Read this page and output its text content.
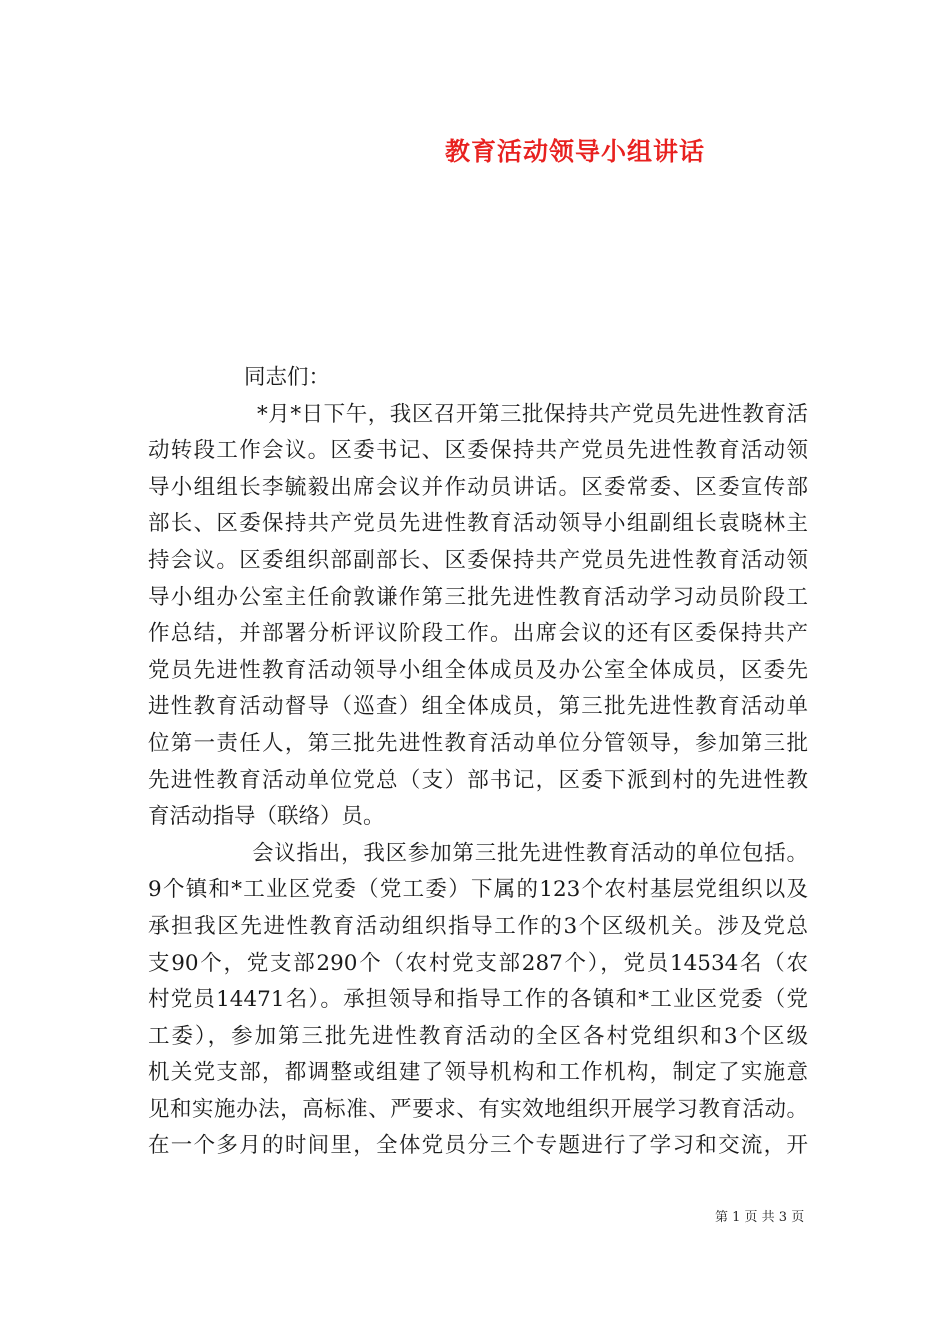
教育活动领导小组讲话
同志们：
*月*日下午，我区召开第三批保持共产党员先进性教育活
动转段工作会议。区委书记、区委保持共产党员先进性教育活动领
导小组组长李毓毅出席会议并作动员讲话。区委常委、区委宣传部
部长、区委保持共产党员先进性教育活动领导小组副组长袁晓林主
持会议。区委组织部副部长、区委保持共产党员先进性教育活动领
导小组办公室主任俞敦谦作第三批先进性教育活动学习动员阶段工
作总结，并部署分析评议阶段工作。出席会议的还有区委保持共产
党员先进性教育活动领导小组全体成员及办公室全体成员，区委先
进性教育活动督导（巡查）组全体成员，第三批先进性教育活动单
位第一责任人，第三批先进性教育活动单位分管领导，参加第三批
先进性教育活动单位党总（支）部书记，区委下派到村的先进性教
育活动指导（联络）员。
会议指出，我区参加第三批先进性教育活动的单位包括。
9个镇和*工业区党委（党工委）下属的123个农村基层党组织以及
承担我区先进性教育活动组织指导工作的3个区级机关。涉及党总
支90个，党支部290个（农村党支部287个），党员14534名（农
村党员14471名）。承担领导和指导工作的各镇和*工业区党委（党
工委），参加第三批先进性教育活动的全区各村党组织和3个区级
机关党支部，都调整或组建了领导机构和工作机构，制定了实施意
见和实施办法，高标准、严要求、有实效地组织开展学习教育活动。
在一个多月的时间里，全体党员分三个专题进行了学习和交流，开
第 1 页 共 3 页
